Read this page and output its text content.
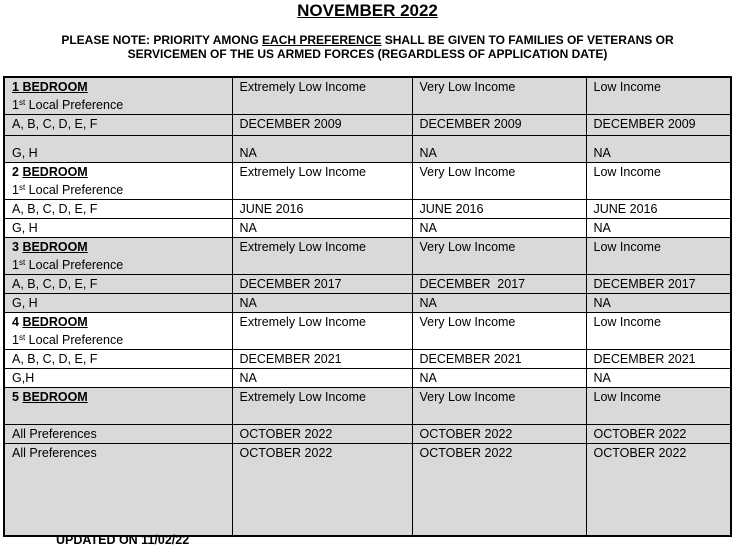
NOVEMBER 2022
PLEASE NOTE: PRIORITY AMONG EACH PREFERENCE SHALL BE GIVEN TO FAMILIES OF VETERANS OR
SERVICEMEN OF THE US ARMED FORCES (REGARDLESS OF APPLICATION DATE)
1 BEDROOM
1st Local Preference	Extremely Low Income	Very Low Income	Low Income
A, B, C, D, E, F	DECEMBER 2009	DECEMBER 2009	DECEMBER 2009
G, H	NA	NA	NA
2 BEDROOM
1st Local Preference	Extremely Low Income	Very Low Income	Low Income
A, B, C, D, E, F	JUNE 2016	JUNE 2016	JUNE 2016
G, H	NA	NA	NA
3 BEDROOM
1st Local Preference	Extremely Low Income	Very Low Income	Low Income
A, B, C, D, E, F	DECEMBER 2017	DECEMBER  2017	DECEMBER 2017
G, H	NA	NA	NA
4 BEDROOM
1st Local Preference	Extremely Low Income	Very Low Income	Low Income
A, B, C, D, E, F	DECEMBER 2021	DECEMBER 2021	DECEMBER 2021
G,H	NA	NA	NA
5 BEDROOM	Extremely Low Income	Very Low Income	Low Income
All Preferences	OCTOBER 2022	OCTOBER 2022	OCTOBER 2022
All Preferences	OCTOBER 2022	OCTOBER 2022	OCTOBER 2022
UPDATED ON 11/02/22
